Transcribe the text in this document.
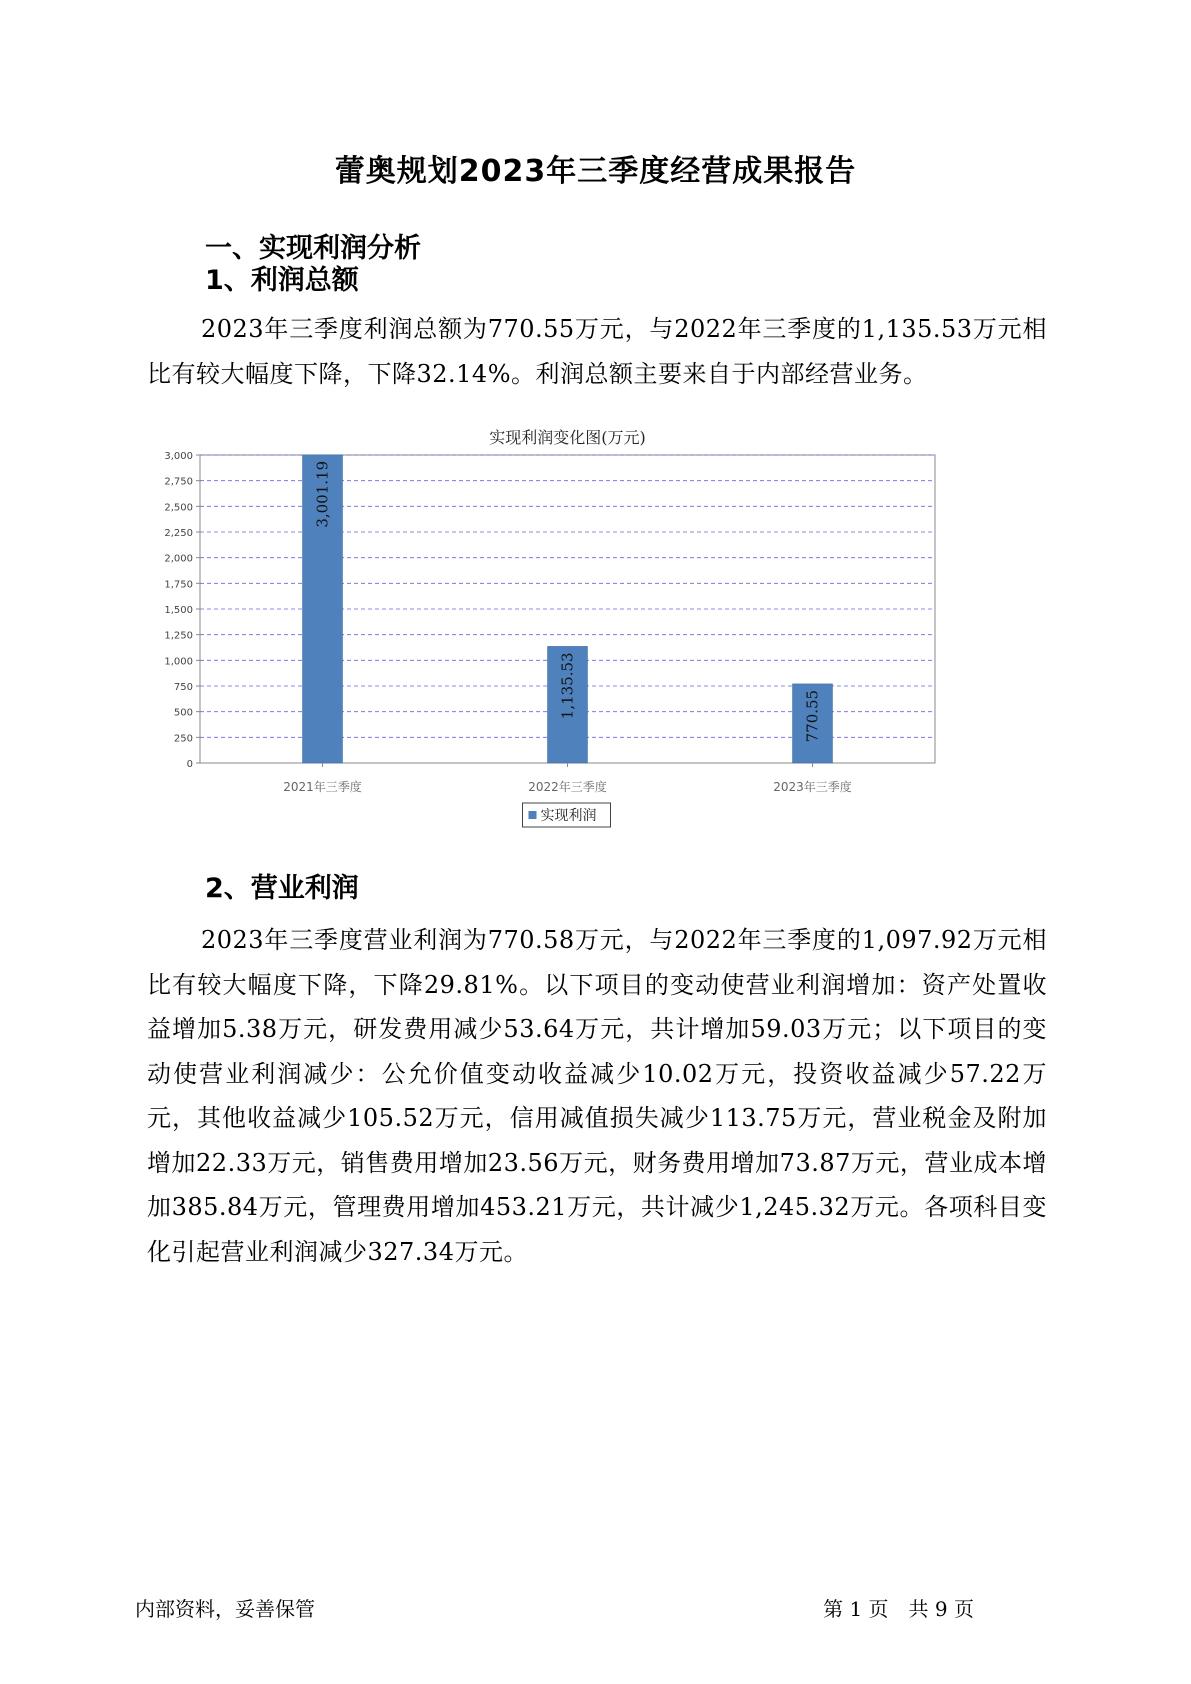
蕾奥规划2023年三季度经营成果报告
一、实现利润分析
1、利润总额
2023年三季度利润总额为770.55万元，与2022年三季度的1,135.53万元相比有较大幅度下降，下降32.14%。利润总额主要来自于内部经营业务。
实现利润变化图(万元)
0
250
500
750
1,000
1,250
1,500
1,750
2,000
2,250
2,500
2,750
3,000
3,001.19
2021年三季度
1,135.53
2022年三季度
770.55
2023年三季度
实现利润
2、营业利润
2023年三季度营业利润为770.58万元，与2022年三季度的1,097.92万元相比有较大幅度下降，下降29.81%。以下项目的变动使营业利润增加：资产处置收益增加5.38万元，研发费用减少53.64万元，共计增加59.03万元；以下项目的变动使营业利润减少：公允价值变动收益减少10.02万元，投资收益减少57.22万元，其他收益减少105.52万元，信用减值损失减少113.75万元，营业税金及附加增加22.33万元，销售费用增加23.56万元，财务费用增加73.87万元，营业成本增加385.84万元，管理费用增加453.21万元，共计减少1,245.32万元。各项科目变化引起营业利润减少327.34万元。
内部资料，妥善保管	第 1 页　共 9 页
